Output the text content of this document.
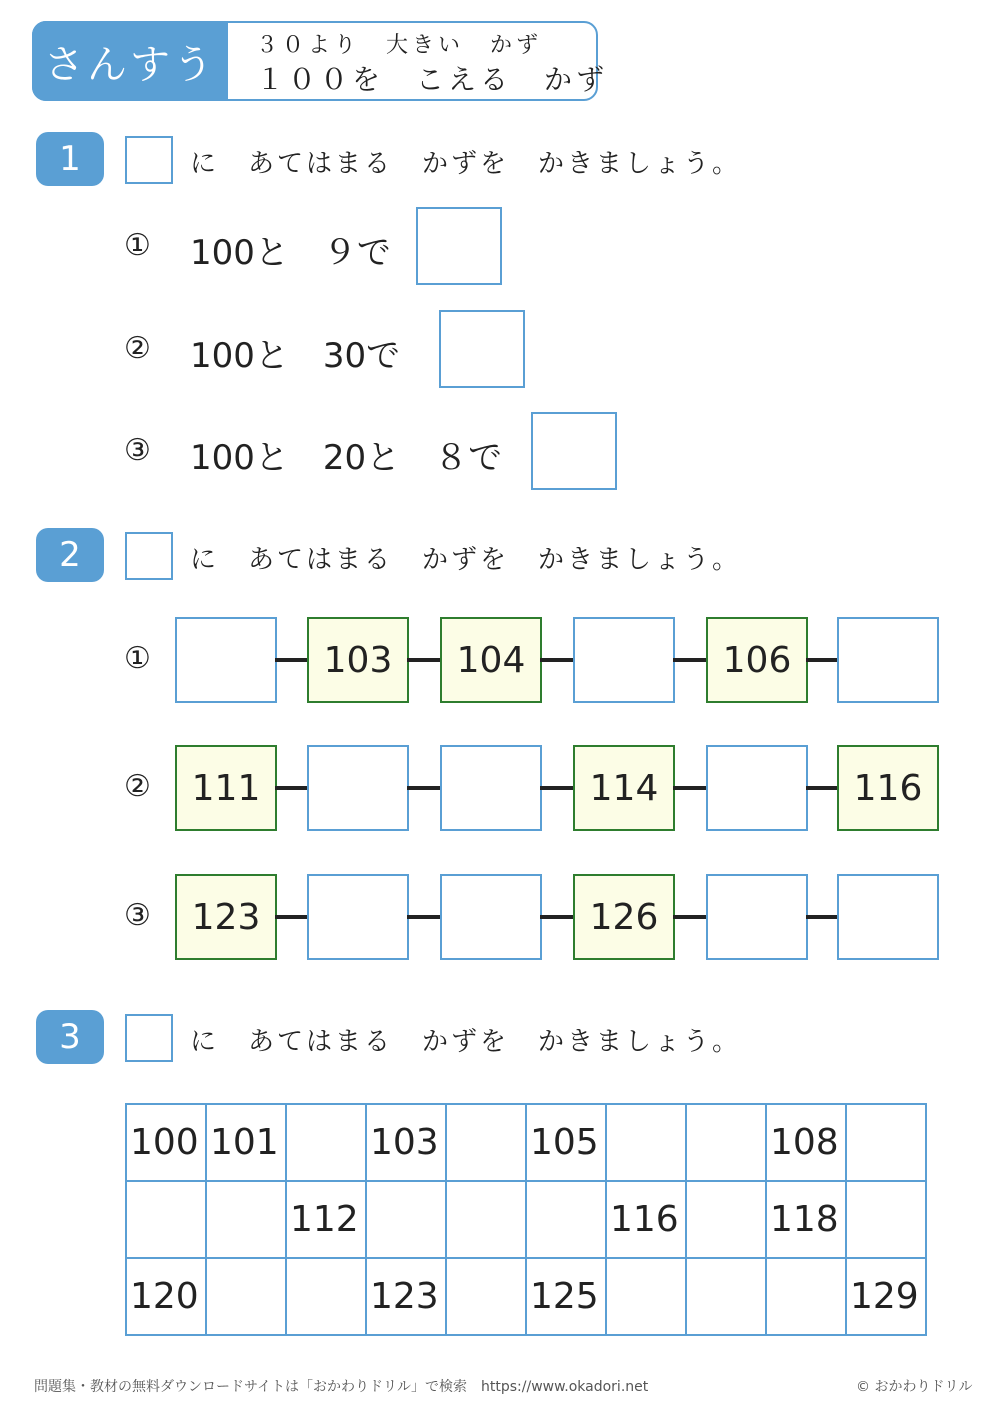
さんすう	３０より　大きい　かず
１００を　こえる　かず
1	に　あてはまる　かずを　かきましょう。
① 100と　９で
② 100と　30で
③ 100と　20と　８で
2	に　あてはまる　かずを　かきましょう。
①	103	104	106
②	111	114	116
③	123	126
3	に　あてはまる　かずを　かきましょう。
100	101		103		105			108	
		112				116		118	
120			123		125				129
問題集・教材の無料ダウンロードサイトは「おかわりドリル」で検索　https://www.okadori.net	© おかわりドリル
